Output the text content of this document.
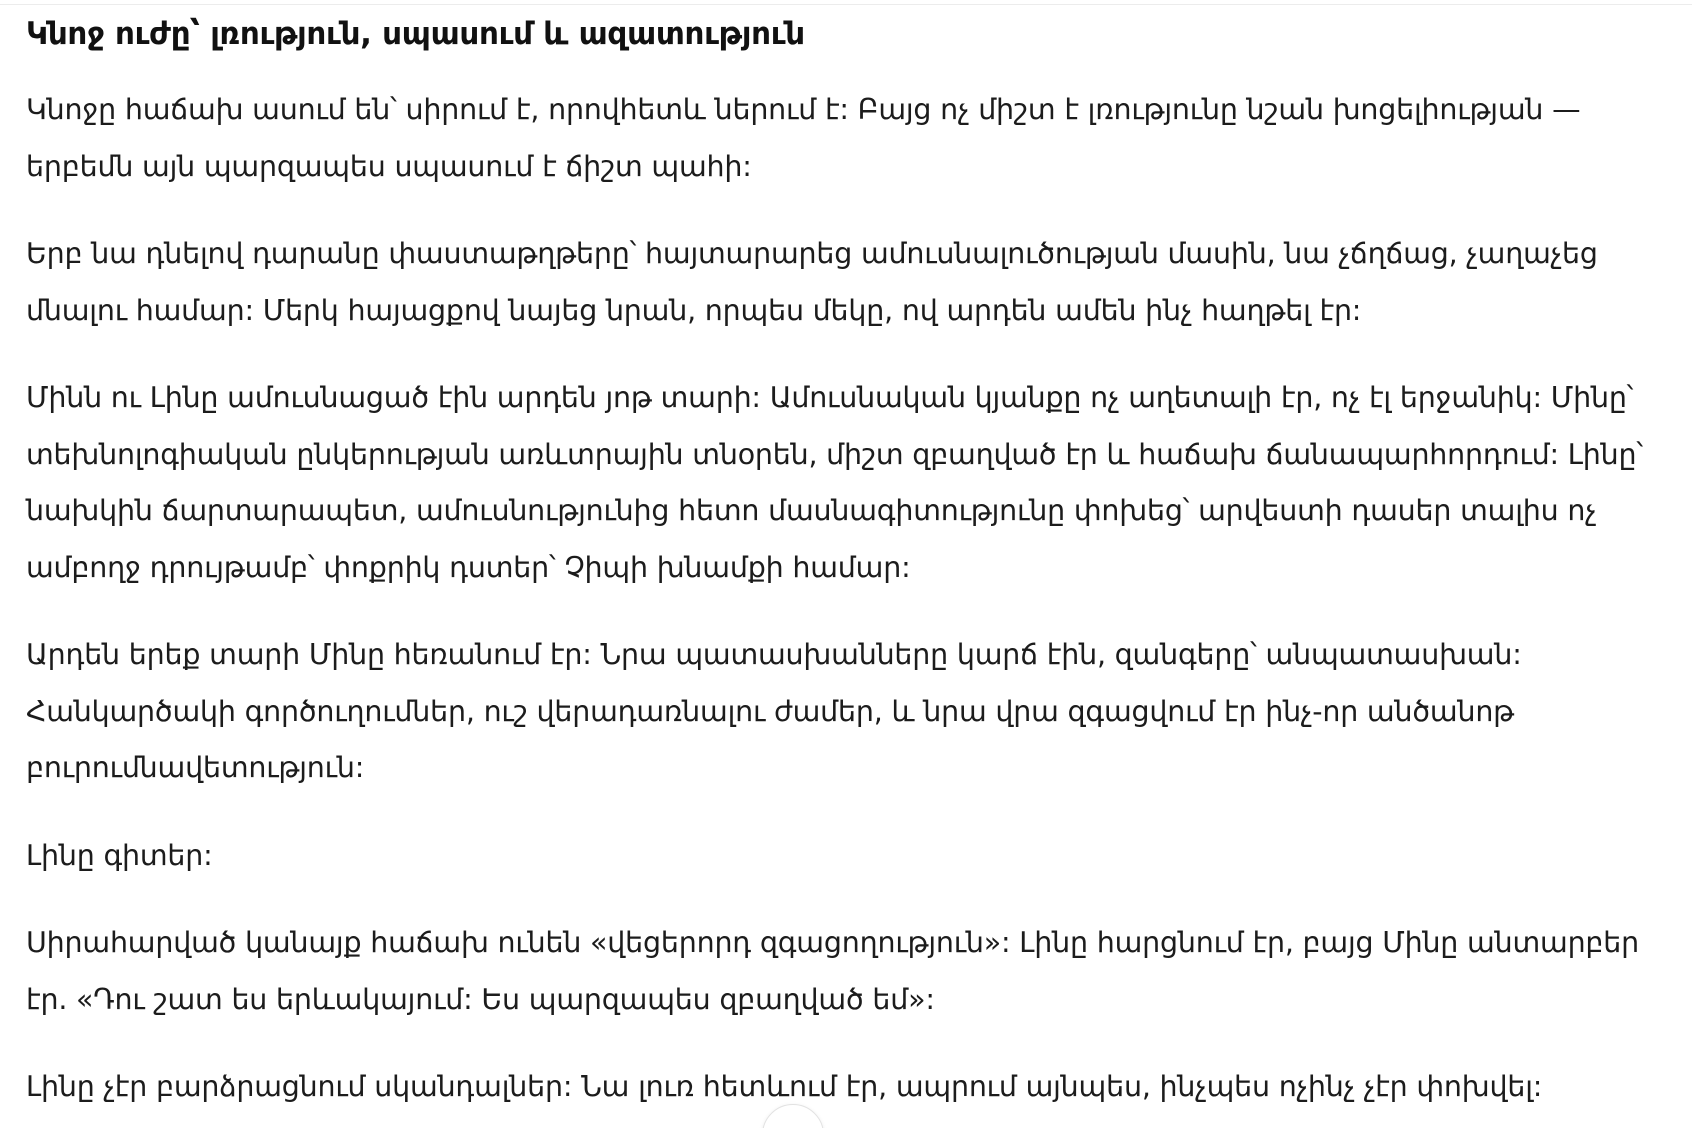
Կնոջ ուժը՝ լռություն, սպասում և ազատություն

Կնոջը հաճախ ասում են՝ սիրում է, որովհետև ներում է: Բայց ոչ միշտ է լռությունը նշան խոցելիության — երբեմն այն պարզապես սպասում է ճիշտ պահի:

Երբ նա դնելով դարանը փաստաթղթերը՝ հայտարարեց ամուսնալուծության մասին, նա չճղճաց, չաղաչեց մնալու համար: Մերկ հայացքով նայեց նրան, որպես մեկը, ով արդեն ամեն ինչ հաղթել էր:

Մինն ու Լինը ամուսնացած էին արդեն յոթ տարի: Ամուսնական կյանքը ոչ աղետալի էր, ոչ էլ երջանիկ: Մինը՝ տեխնոլոգիական ընկերության առևտրային տնօրեն, միշտ զբաղված էր և հաճախ ճանապարհորդում: Լինը՝ նախկին ճարտարապետ, ամուսնությունից հետո մասնագիտությունը փոխեց՝ արվեստի դասեր տալիս ոչ ամբողջ դրույթամբ՝ փոքրիկ դստեր՝ Չիպի խնամքի համար:

Արդեն երեք տարի Մինը հեռանում էր: Նրա պատասխանները կարճ էին, զանգերը՝ անպատասխան: Հանկարծակի գործուղումներ, ուշ վերադառնալու ժամեր, և նրա վրա զգացվում էր ինչ-որ անծանոթ բուրումնավետություն:

Լինը գիտեր:

Սիրահարված կանայք հաճախ ունեն «վեցերորդ զգացողություն»: Լինը հարցնում էր, բայց Մինը անտարբեր էր. «Դու շատ ես երևակայում: Ես պարզապես զբաղված եմ»:

Լինը չէր բարձրացնում սկանդալներ: Նա լուռ հետևում էր, ապրում այնպես, ինչպես ոչինչ չէր փոխվել:
